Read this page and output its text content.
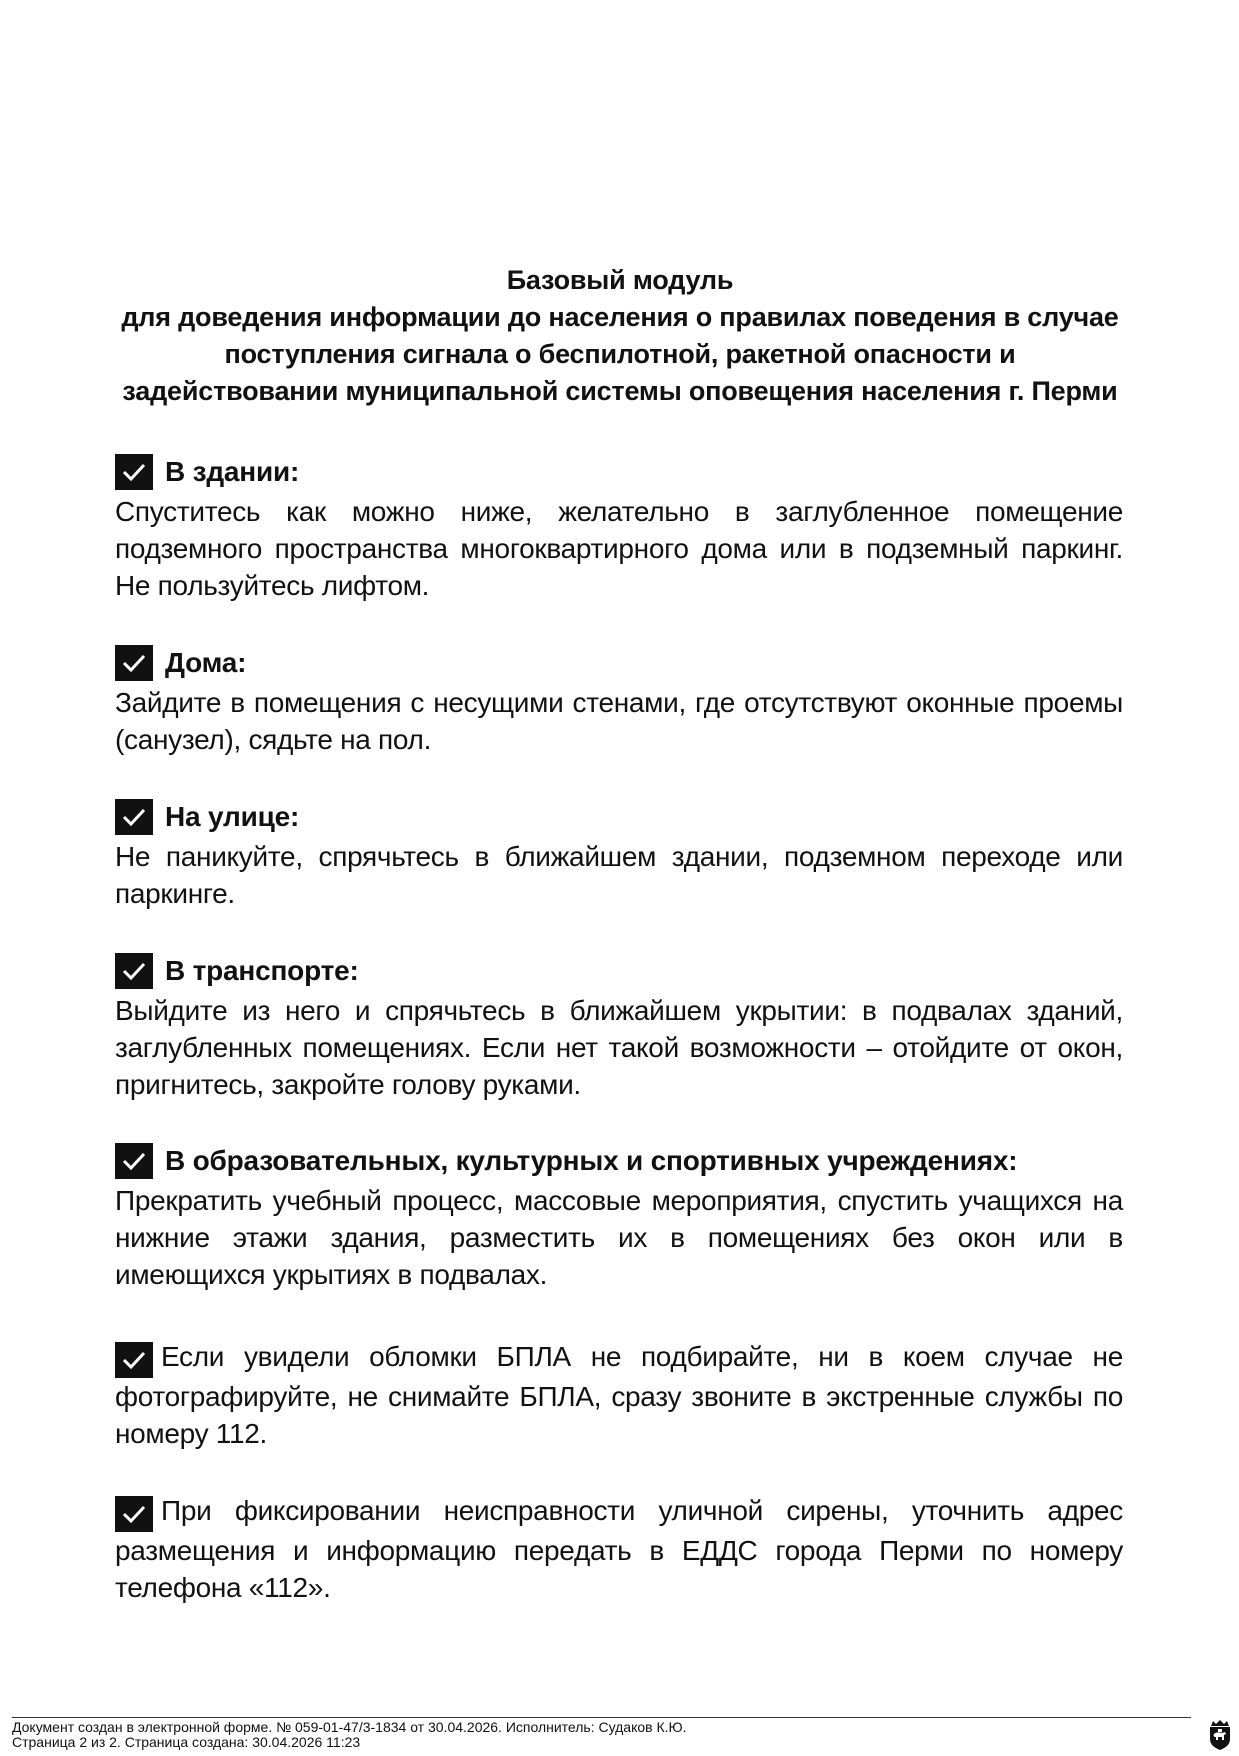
Базовый модуль
для доведения информации до населения о правилах поведения в случае
поступления сигнала о беспилотной, ракетной опасности и
задействовании муниципальной системы оповещения населения г. Перми
В здании:
Спуститесь как можно ниже, желательно в заглубленное помещение подземного пространства многоквартирного дома или в подземный паркинг. Не пользуйтесь лифтом.
Дома:
Зайдите в помещения с несущими стенами, где отсутствуют оконные проемы (санузел), сядьте на пол.
На улице:
Не паникуйте, спрячьтесь в ближайшем здании, подземном переходе или паркинге.
В транспорте:
Выйдите из него и спрячьтесь в ближайшем укрытии: в подвалах зданий, заглубленных помещениях. Если нет такой возможности – отойдите от окон, пригнитесь, закройте голову руками.
В образовательных, культурных и спортивных учреждениях:
Прекратить учебный процесс, массовые мероприятия, спустить учащихся на нижние этажи здания, разместить их в помещениях без окон или в имеющихся укрытиях в подвалах.
Если увидели обломки БПЛА не подбирайте, ни в коем случае не фотографируйте, не снимайте БПЛА, сразу звоните в экстренные службы по номеру 112.
При фиксировании неисправности уличной сирены, уточнить адрес размещения и информацию передать в ЕДДС города Перми по номеру телефона «112».
Документ создан в электронной форме. № 059-01-47/3-1834 от 30.04.2026. Исполнитель: Судаков К.Ю.
Страница 2 из 2. Страница создана: 30.04.2026 11:23
